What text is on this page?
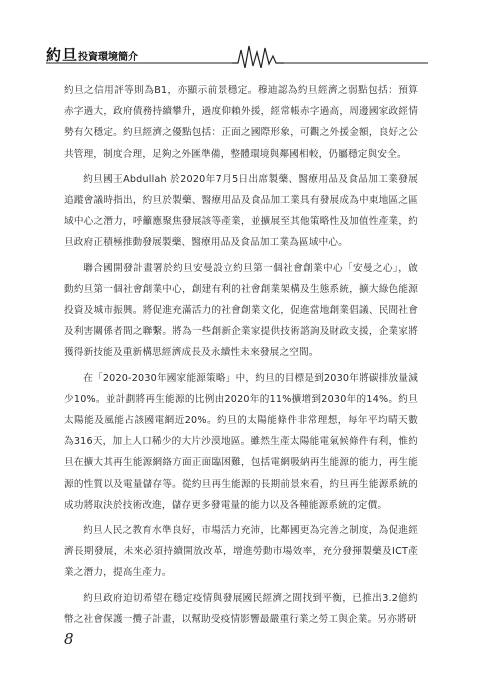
約旦投資環境簡介

約旦之信用評等則為B1，亦顯示前景穩定。穆迪認為約旦經濟之弱點包括：預算赤字過大，政府債務持續攀升，過度仰賴外援，經常帳赤字過高，周邊國家政經情勢有欠穩定。約旦經濟之優點包括：正面之國際形象，可觀之外援金額，良好之公共管理，制度合理，足夠之外匯準備，整體環境與鄰國相較，仍屬穩定與安全。

約旦國王Abdullah 於2020年7月5日出席製藥、醫療用品及食品加工業發展追蹤會議時指出，約旦於製藥、醫療用品及食品加工業具有發展成為中東地區之區域中心之潛力，呼籲應聚焦發展該等產業，並擴展至其他策略性及加值性產業，約旦政府正積極推動發展製藥、醫療用品及食品加工業為區域中心。

聯合國開發計畫署於約旦安曼設立約旦第一個社會創業中心「安曼之心」，啟動約旦第一個社會創業中心，創建有利的社會創業架構及生態系統，擴大綠色能源投資及城市振興。將促進充滿活力的社會創業文化，促進當地創業倡議、民間社會及利害關係者間之聯繫。將為一些創新企業家提供技術諮詢及財政支援，企業家將獲得新技能及重新構思經濟成長及永續性未來發展之空間。

在「2020-2030年國家能源策略」中，約旦的目標是到2030年將碳排放量減少10%。並計劃將再生能源的比例由2020年的11%擴增到2030年的14%。約旦太陽能及風能占該國電網近20%。約旦的太陽能條件非常理想，每年平均晴天數為316天，加上人口稀少的大片沙漠地區。雖然生產太陽能電氣候條件有利，惟約旦在擴大其再生能源網絡方面正面臨困難，包括電網吸納再生能源的能力，再生能源的性質以及電量儲存等。從約旦再生能源的長期前景來看，約旦再生能源系統的成功將取決於技術改進，儲存更多發電量的能力以及各種能源系統的定價。

約旦人民之教育水準良好，市場活力充沛，比鄰國更為完善之制度，為促進經濟長期發展，未來必須持續開放改革，增進勞動市場效率，充分發揮製藥及ICT產業之潛力，提高生產力。

約旦政府迫切希望在穩定疫情與發展國民經濟之間找到平衡，已推出3.2億約幣之社會保護一攬子計畫，以幫助受疫情影響最嚴重行業之勞工與企業。另亦將研

8
